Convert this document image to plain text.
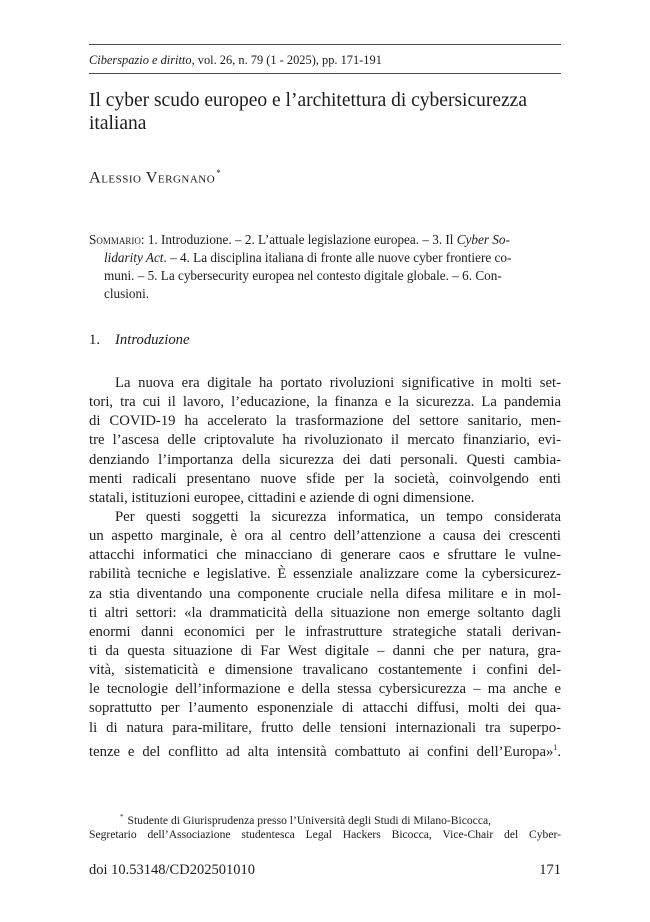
Ciberspazio e diritto, vol. 26, n. 79 (1 - 2025), pp. 171-191
Il cyber scudo europeo e l’architettura di cybersicurezza
italiana
Alessio Vergnano*
Sommario: 1. Introduzione. – 2. L’attuale legislazione europea. – 3. Il Cyber So-
lidarity Act. – 4. La disciplina italiana di fronte alle nuove cyber frontiere co-
muni. – 5. La cybersecurity europea nel contesto digitale globale. – 6. Con-
clusioni.
1. Introduzione
La nuova era digitale ha portato rivoluzioni significative in molti set-
tori, tra cui il lavoro, l’educazione, la finanza e la sicurezza. La pandemia
di COVID-19 ha accelerato la trasformazione del settore sanitario, men-
tre l’ascesa delle criptovalute ha rivoluzionato il mercato finanziario, evi-
denziando l’importanza della sicurezza dei dati personali. Questi cambia-
menti radicali presentano nuove sfide per la società, coinvolgendo enti
statali, istituzioni europee, cittadini e aziende di ogni dimensione.
Per questi soggetti la sicurezza informatica, un tempo considerata
un aspetto marginale, è ora al centro dell’attenzione a causa dei crescenti
attacchi informatici che minacciano di generare caos e sfruttare le vulne-
rabilità tecniche e legislative. È essenziale analizzare come la cybersicurez-
za stia diventando una componente cruciale nella difesa militare e in mol-
ti altri settori: «la drammaticità della situazione non emerge soltanto dagli
enormi danni economici per le infrastrutture strategiche statali derivan-
ti da questa situazione di Far West digitale – danni che per natura, gra-
vità, sistematicità e dimensione travalicano costantemente i confini del-
le tecnologie dell’informazione e della stessa cybersicurezza – ma anche e
soprattutto per l’aumento esponenziale di attacchi diffusi, molti dei qua-
li di natura para-militare, frutto delle tensioni internazionali tra superpo-
tenze e del conflitto ad alta intensità combattuto ai confini dell’Europa»$^1$.
* Studente di Giurisprudenza presso l’Università degli Studi di Milano-Bicocca,
Segretario dell’Associazione studentesca Legal Hackers Bicocca, Vice-Chair del Cyber-
doi 10.53148/CD202501010	171
